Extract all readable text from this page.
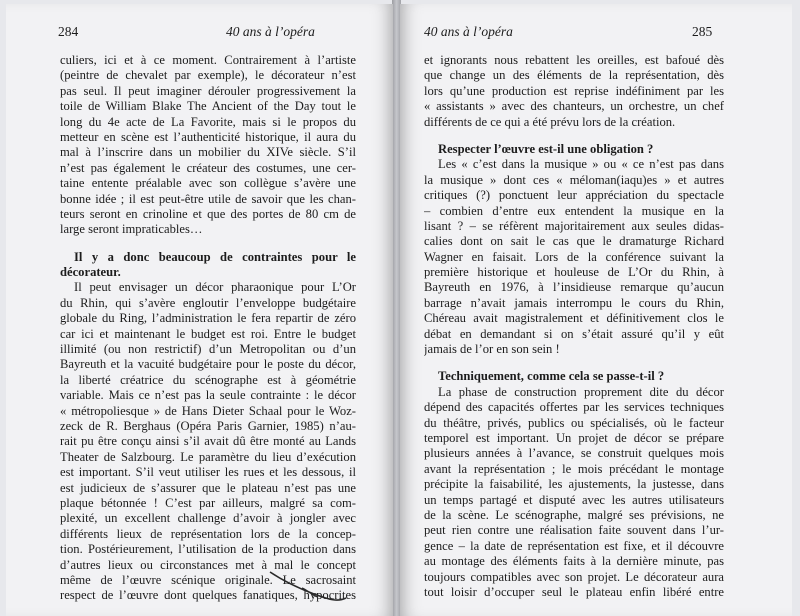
284	40 ans à l’opéra
culiers, ici et à ce moment. Contrairement à l’artiste
(peintre de chevalet par exemple), le décorateur n’est
pas seul. Il peut imaginer dérouler progressivement la
toile de William Blake The Ancient of the Day tout le
long du 4e acte de La Favorite, mais si le propos du
metteur en scène est l’authenticité historique, il aura du
mal à l’inscrire dans un mobilier du XIVe siècle. S’il
n’est pas également le créateur des costumes, une cer-
taine entente préalable avec son collègue s’avère une
bonne idée ; il est peut-être utile de savoir que les chan-
teurs seront en crinoline et que des portes de 80 cm de
large seront impraticables…
Il y a donc beaucoup de contraintes pour le
décorateur.
Il peut envisager un décor pharaonique pour L’Or
du Rhin, qui s’avère engloutir l’enveloppe budgétaire
globale du Ring, l’administration le fera repartir de zéro
car ici et maintenant le budget est roi. Entre le budget
illimité (ou non restrictif) d’un Metropolitan ou d’un
Bayreuth et la vacuité budgétaire pour le poste du décor,
la liberté créatrice du scénographe est à géométrie
variable. Mais ce n’est pas la seule contrainte : le décor
« métropoliesque » de Hans Dieter Schaal pour le Woz-
zeck de R. Berghaus (Opéra Paris Garnier, 1985) n’au-
rait pu être conçu ainsi s’il avait dû être monté au Lands
Theater de Salzbourg. Le paramètre du lieu d’exécution
est important. S’il veut utiliser les rues et les dessous, il
est judicieux de s’assurer que le plateau n’est pas une
plaque bétonnée ! C’est par ailleurs, malgré sa com-
plexité, un excellent challenge d’avoir à jongler avec
différents lieux de représentation lors de la concep-
tion. Postérieurement, l’utilisation de la production dans
d’autres lieux ou circonstances met à mal le concept
même de l’œuvre scénique originale. Le sacrosaint
respect de l’œuvre dont quelques fanatiques, hypocrites
40 ans à l’opéra	285
et ignorants nous rebattent les oreilles, est bafoué dès
que change un des éléments de la représentation, dès
lors qu’une production est reprise indéfiniment par les
« assistants » avec des chanteurs, un orchestre, un chef
différents de ce qui a été prévu lors de la création.
Respecter l’œuvre est-il une obligation ?
Les « c’est dans la musique » ou « ce n’est pas dans
la musique » dont ces « méloman(iaqu)es » et autres
critiques (?) ponctuent leur appréciation du spectacle
– combien d’entre eux entendent la musique en la
lisant ? – se réfèrent majoritairement aux seules didas-
calies dont on sait le cas que le dramaturge Richard
Wagner en faisait. Lors de la conférence suivant la
première historique et houleuse de L’Or du Rhin, à
Bayreuth en 1976, à l’insidieuse remarque qu’aucun
barrage n’avait jamais interrompu le cours du Rhin,
Chéreau avait magistralement et définitivement clos le
débat en demandant si on s’était assuré qu’il y eût
jamais de l’or en son sein !
Techniquement, comme cela se passe-t-il ?
La phase de construction proprement dite du décor
dépend des capacités offertes par les services techniques
du théâtre, privés, publics ou spécialisés, où le facteur
temporel est important. Un projet de décor se prépare
plusieurs années à l’avance, se construit quelques mois
avant la représentation ; le mois précédant le montage
précipite la faisabilité, les ajustements, la justesse, dans
un temps partagé et disputé avec les autres utilisateurs
de la scène. Le scénographe, malgré ses prévisions, ne
peut rien contre une réalisation faite souvent dans l’ur-
gence – la date de représentation est fixe, et il découvre
au montage des éléments faits à la dernière minute, pas
toujours compatibles avec son projet. Le décorateur aura
tout loisir d’occuper seul le plateau enfin libéré entre
